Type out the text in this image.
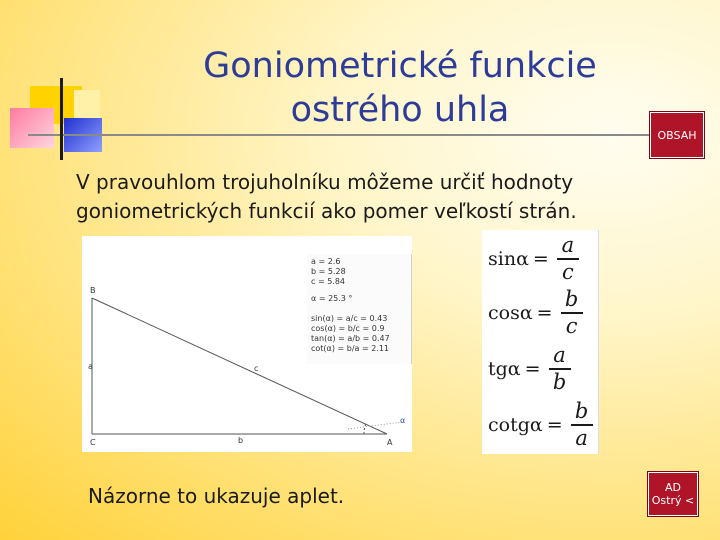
Goniometrické funkcie
ostrého uhla
OBSAH
V pravouhlom trojuholníku môžeme určiť hodnoty goniometrických funkcií ako pomer veľkostí strán.
a = 2.6
b = 5.28
c = 5.84
α = 25.3 °
sin(α) = a/c = 0.43
cos(α) = b/c = 0.9
tan(α) = a/b = 0.47
cot(α) = b/a = 2.11
B
C	A
a
b
c
α
$\sin\alpha = \frac{a}{c}$
$\cos\alpha = \frac{b}{c}$
$tg\alpha = \frac{a}{b}$
$\cot g\alpha = \frac{b}{a}$
Názorne to ukazuje aplet.	AD
Ostrý <
